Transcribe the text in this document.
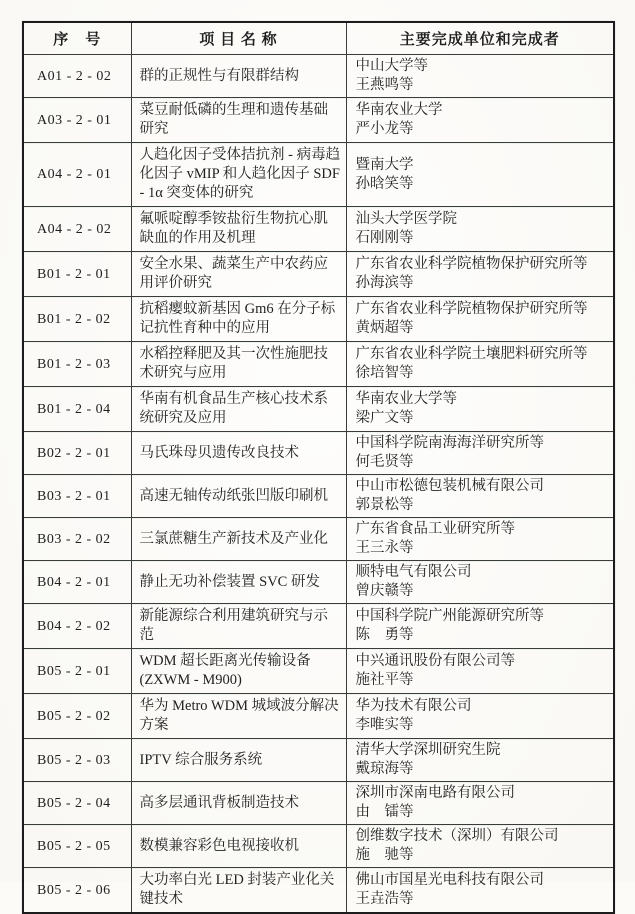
序　号	项 目 名 称	主要完成单位和完成者
A01 - 2 - 02	群的正规性与有限群结构	中山大学等
王燕鸣等

A03 - 2 - 01	菜豆耐低磷的生理和遗传基础研究	华南农业大学
严小龙等

A04 - 2 - 01	人趋化因子受体拮抗剂 - 病毒趋化因子 vMIP 和人趋化因子 SDF - 1α 突变体的研究	暨南大学
孙晗笑等

A04 - 2 - 02	氟哌啶醇季铵盐衍生物抗心肌缺血的作用及机理	汕头大学医学院
石刚刚等

B01 - 2 - 01	安全水果、蔬菜生产中农药应用评价研究	广东省农业科学院植物保护研究所等
孙海滨等

B01 - 2 - 02	抗稻瘿蚊新基因 Gm6 在分子标记抗性育种中的应用	广东省农业科学院植物保护研究所等
黄炳超等

B01 - 2 - 03	水稻控释肥及其一次性施肥技术研究与应用	广东省农业科学院土壤肥料研究所等
徐培智等

B01 - 2 - 04	华南有机食品生产核心技术系统研究及应用	华南农业大学等
梁广文等

B02 - 2 - 01	马氏珠母贝遗传改良技术	中国科学院南海海洋研究所等
何毛贤等

B03 - 2 - 01	高速无轴传动纸张凹版印刷机	中山市松德包装机械有限公司
郭景松等

B03 - 2 - 02	三氯蔗糖生产新技术及产业化	广东省食品工业研究所等
王三永等

B04 - 2 - 01	静止无功补偿装置 SVC 研发	顺特电气有限公司
曾庆赣等

B04 - 2 - 02	新能源综合利用建筑研究与示范	中国科学院广州能源研究所等
陈　勇等

B05 - 2 - 01	WDM 超长距离光传输设备(ZXWM - M900)	中兴通讯股份有限公司等
施社平等

B05 - 2 - 02	华为 Metro WDM 城域波分解决方案	华为技术有限公司
李唯实等

B05 - 2 - 03	IPTV 综合服务系统	清华大学深圳研究生院
戴琼海等

B05 - 2 - 04	高多层通讯背板制造技术	深圳市深南电路有限公司
由　镭等

B05 - 2 - 05	数模兼容彩色电视接收机	创维数字技术（深圳）有限公司
施　驰等

B05 - 2 - 06	大功率白光 LED 封装产业化关键技术	佛山市国星光电科技有限公司
王垚浩等
